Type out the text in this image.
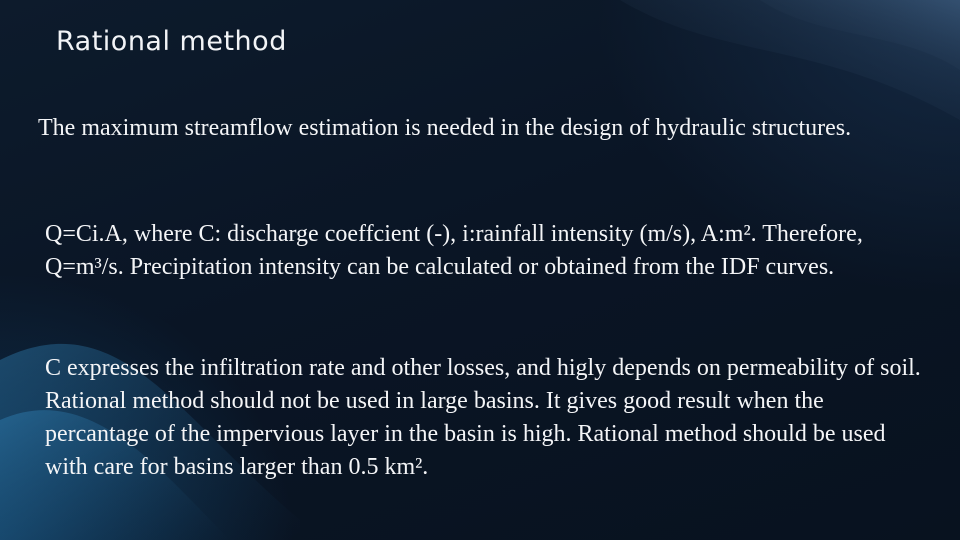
Rational method

The maximum streamflow estimation is needed in the design of hydraulic structures.

Q=Ci.A, where C: discharge coeffcient (-), i:rainfall intensity (m/s), A:m². Therefore, Q=m³/s. Precipitation intensity can be calculated or obtained from the IDF curves.

C expresses the infiltration rate and other losses, and higly depends on permeability of soil. Rational method should not be used in large basins. It gives good result when the percantage of the impervious layer in the basin is high. Rational method should be used with care for basins larger than 0.5 km².
